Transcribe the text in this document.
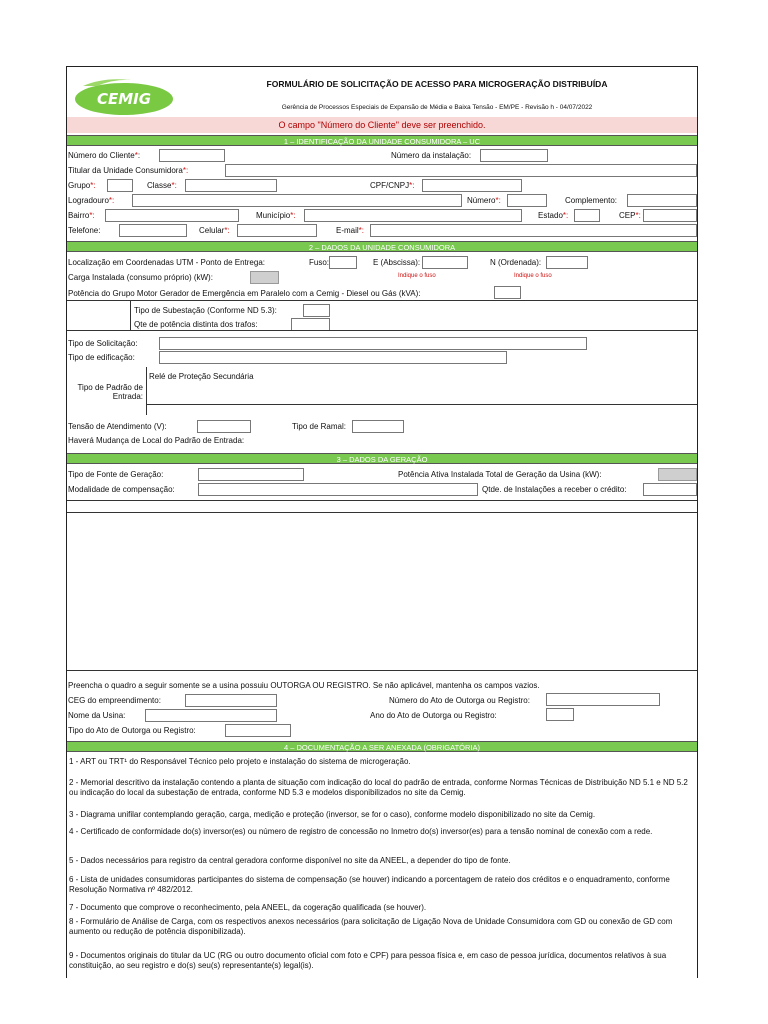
CEMIG
FORMULÁRIO DE SOLICITAÇÃO DE ACESSO PARA MICROGERAÇÃO DISTRIBUÍDA
Gerência de Processos Especiais de Expansão de Média e Baixa Tensão - EM/PE - Revisão h - 04/07/2022
O campo "Número do Cliente" deve ser preenchido.
1 – IDENTIFICAÇÃO DA UNIDADE CONSUMIDORA – UC
Número do Cliente*:	Número da instalação:
Titular da Unidade Consumidora*:
Grupo*:	Classe*:	CPF/CNPJ*:
Logradouro*:	Número*:	Complemento:
Bairro*:	Município*:	Estado*:	CEP*:
Telefone:	Celular*:	E-mail*:
2 – DADOS DA UNIDADE CONSUMIDORA
Localização em Coordenadas UTM - Ponto de Entrega:	Fuso:	E (Abscissa):	N (Ordenada):
Carga Instalada (consumo próprio) (kW):	Indique o fuso	Indique o fuso
Potência do Grupo Motor Gerador de Emergência em Paralelo com a Cemig - Diesel ou Gás (kVA):
Tipo de Subestação (Conforme ND 5.3):
Qte de potência distinta dos trafos:
Tipo de Solicitação:
Tipo de edificação:
Relé de Proteção Secundária
Tipo de Padrão de
Entrada:
Tensão de Atendimento (V):	Tipo de Ramal:
Haverá Mudança de Local do Padrão de Entrada:
3 – DADOS DA GERAÇÃO
Tipo de Fonte de Geração:	Potência Ativa Instalada Total de Geração da Usina (kW):
Modalidade de compensação:	Qtde. de Instalações a receber o crédito:
Preencha o quadro a seguir somente se a usina possuiu OUTORGA OU REGISTRO. Se não aplicável, mantenha os campos vazios.
CEG do empreendimento:	Número do Ato de Outorga ou Registro:
Nome da Usina:	Ano do Ato de Outorga ou Registro:
Tipo do Ato de Outorga ou Registro:
4 – DOCUMENTAÇÃO A SER ANEXADA (OBRIGATÓRIA)
1 - ART ou TRT¹ do Responsável Técnico pelo projeto e instalação do sistema de microgeração.
2 - Memorial descritivo da instalação contendo a planta de situação com indicação do local do padrão de entrada, conforme Normas Técnicas de Distribuição ND 5.1 e ND 5.2 ou indicação do local da subestação de entrada, conforme ND 5.3 e modelos disponibilizados no site da Cemig.
3 - Diagrama unifilar contemplando geração, carga, medição e proteção (inversor, se for o caso), conforme modelo disponibilizado no site da Cemig.
4 - Certificado de conformidade do(s) inversor(es) ou número de registro de concessão no Inmetro do(s) inversor(es) para a tensão nominal de conexão com a rede.
5 - Dados necessários para registro da central geradora conforme disponível no site da ANEEL, a depender do tipo de fonte.
6 - Lista de unidades consumidoras participantes do sistema de compensação (se houver) indicando a porcentagem de rateio dos créditos e o enquadramento, conforme Resolução Normativa nº 482/2012.
7 - Documento que comprove o reconhecimento, pela ANEEL, da cogeração qualificada (se houver).
8 - Formulário de Análise de Carga, com os respectivos anexos necessários (para solicitação de Ligação Nova de Unidade Consumidora com GD ou conexão de GD com aumento ou redução de potência disponibilizada).
9 - Documentos originais do titular da UC (RG ou outro documento oficial com foto e CPF) para pessoa física e, em caso de pessoa jurídica, documentos relativos à sua constituição, ao seu registro e do(s) seu(s) representante(s) legal(is).
